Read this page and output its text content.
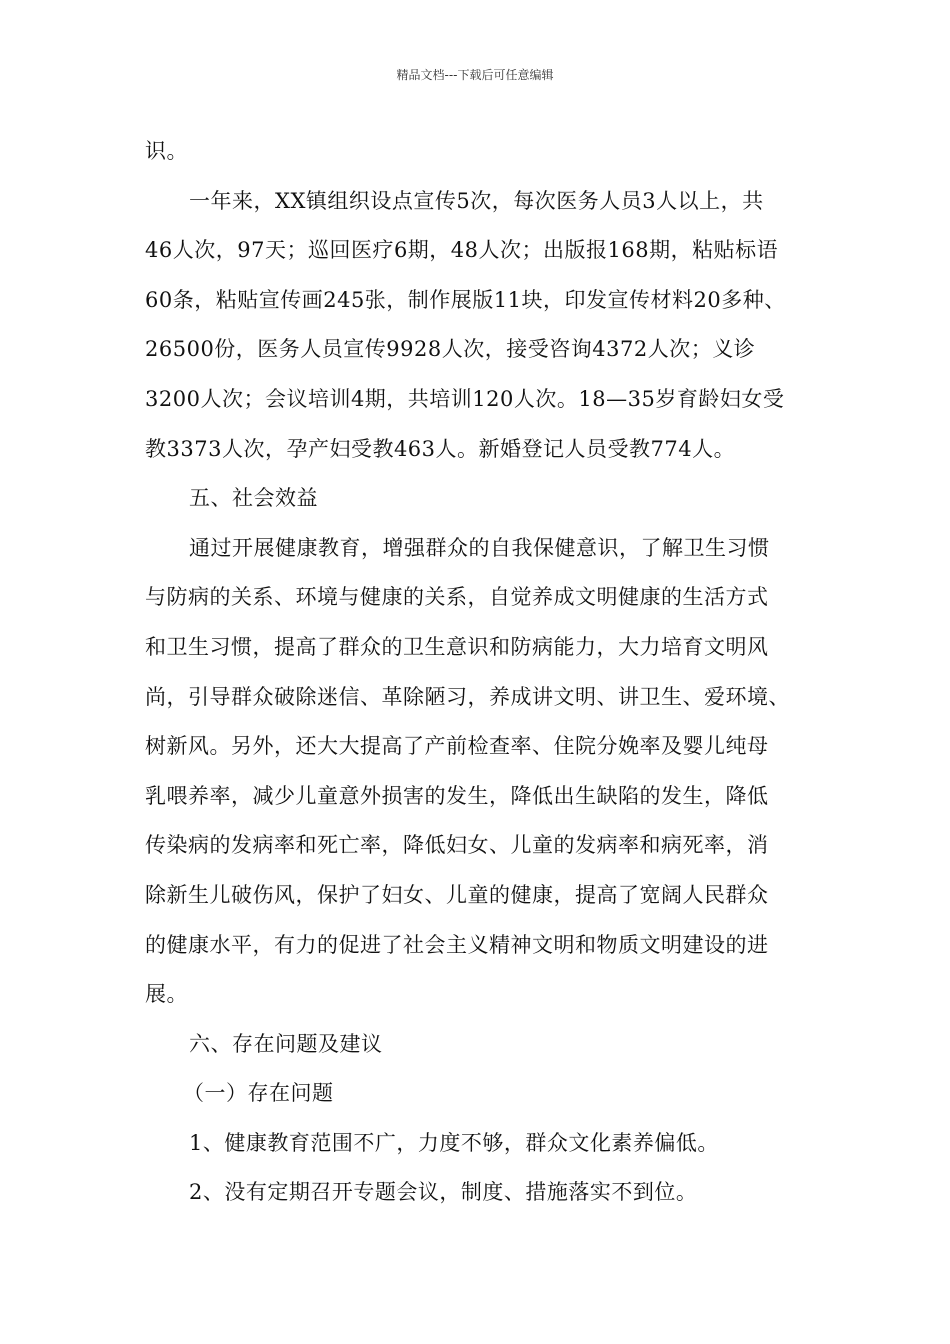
精品文档---下载后可任意编辑

识。

一年来，XX镇组织设点宣传5次，每次医务人员3人以上，共

46人次，97天；巡回医疗6期，48人次；出版报168期，粘贴标语

60条，粘贴宣传画245张，制作展版11块，印发宣传材料20多种、

26500份，医务人员宣传9928人次，接受咨询4372人次；义诊

3200人次；会议培训4期，共培训120人次。18—35岁育龄妇女受

教3373人次，孕产妇受教463人。新婚登记人员受教774人。

五、社会效益

通过开展健康教育，增强群众的自我保健意识，了解卫生习惯

与防病的关系、环境与健康的关系，自觉养成文明健康的生活方式

和卫生习惯，提高了群众的卫生意识和防病能力，大力培育文明风

尚，引导群众破除迷信、革除陋习，养成讲文明、讲卫生、爱环境、

树新风。另外，还大大提高了产前检查率、住院分娩率及婴儿纯母

乳喂养率，减少儿童意外损害的发生，降低出生缺陷的发生，降低

传染病的发病率和死亡率，降低妇女、儿童的发病率和病死率，消

除新生儿破伤风，保护了妇女、儿童的健康，提高了宽阔人民群众

的健康水平，有力的促进了社会主义精神文明和物质文明建设的进

展。

六、存在问题及建议

（一）存在问题

1、健康教育范围不广，力度不够，群众文化素养偏低。

2、没有定期召开专题会议，制度、措施落实不到位。
